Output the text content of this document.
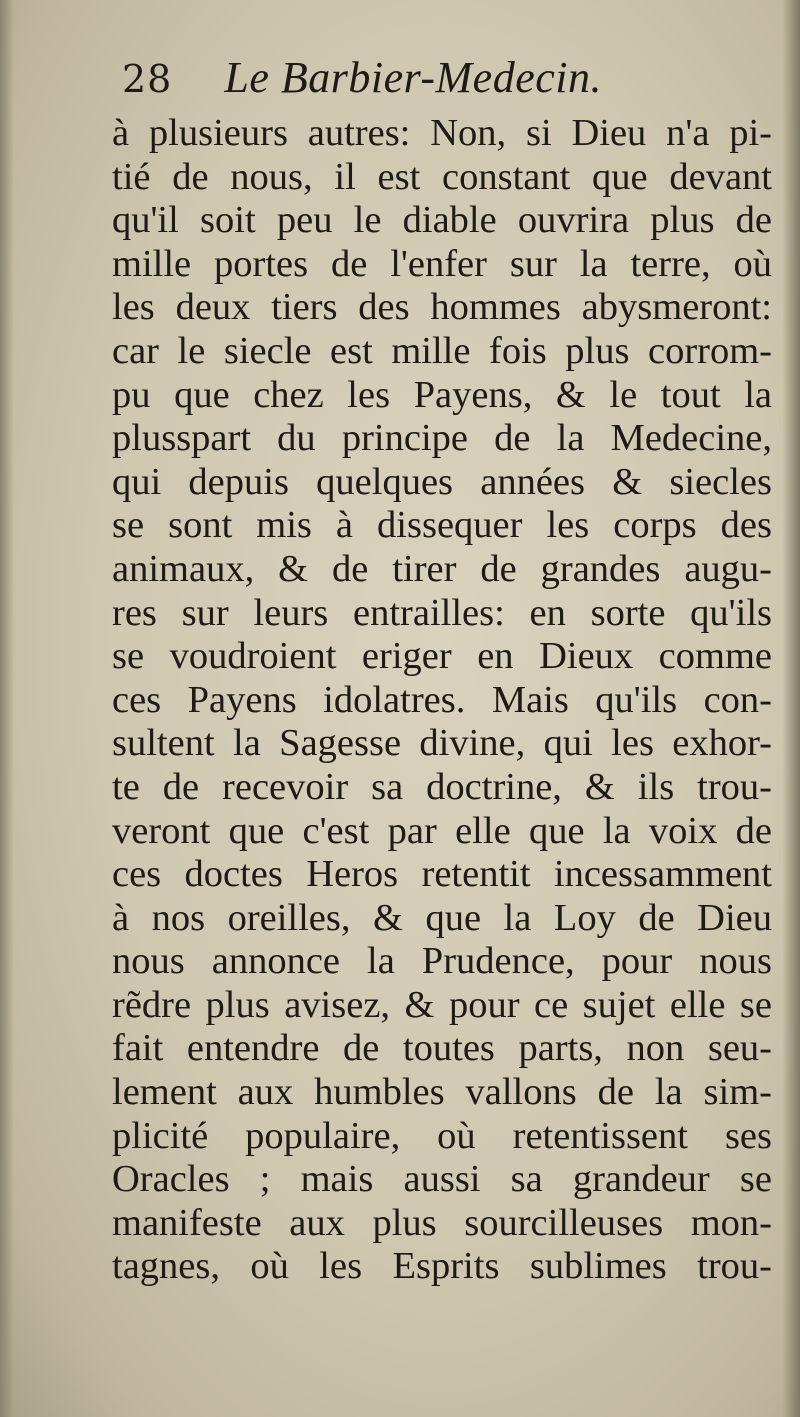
28 Le Barbier-Medecin.
à plusieurs autres: Non, si Dieu n'a pi-
tié de nous, il est constant que devant
qu'il soit peu le diable ouvrira plus de
mille portes de l'enfer sur la terre, où
les deux tiers des hommes abysmeront:
car le siecle est mille fois plus corrom-
pu que chez les Payens, & le tout la
plusspart du principe de la Medecine,
qui depuis quelques années & siecles
se sont mis à dissequer les corps des
animaux, & de tirer de grandes augu-
res sur leurs entrailles: en sorte qu'ils
se voudroient eriger en Dieux comme
ces Payens idolatres. Mais qu'ils con-
sultent la Sagesse divine, qui les exhor-
te de recevoir sa doctrine, & ils trou-
veront que c'est par elle que la voix de
ces doctes Heros retentit incessamment
à nos oreilles, & que la Loy de Dieu
nous annonce la Prudence, pour nous
rẽdre plus avisez, & pour ce sujet elle se
fait entendre de toutes parts, non seu-
lement aux humbles vallons de la sim-
plicité populaire, où retentissent ses
Oracles ; mais aussi sa grandeur se
manifeste aux plus sourcilleuses mon-
tagnes, où les Esprits sublimes trou-
